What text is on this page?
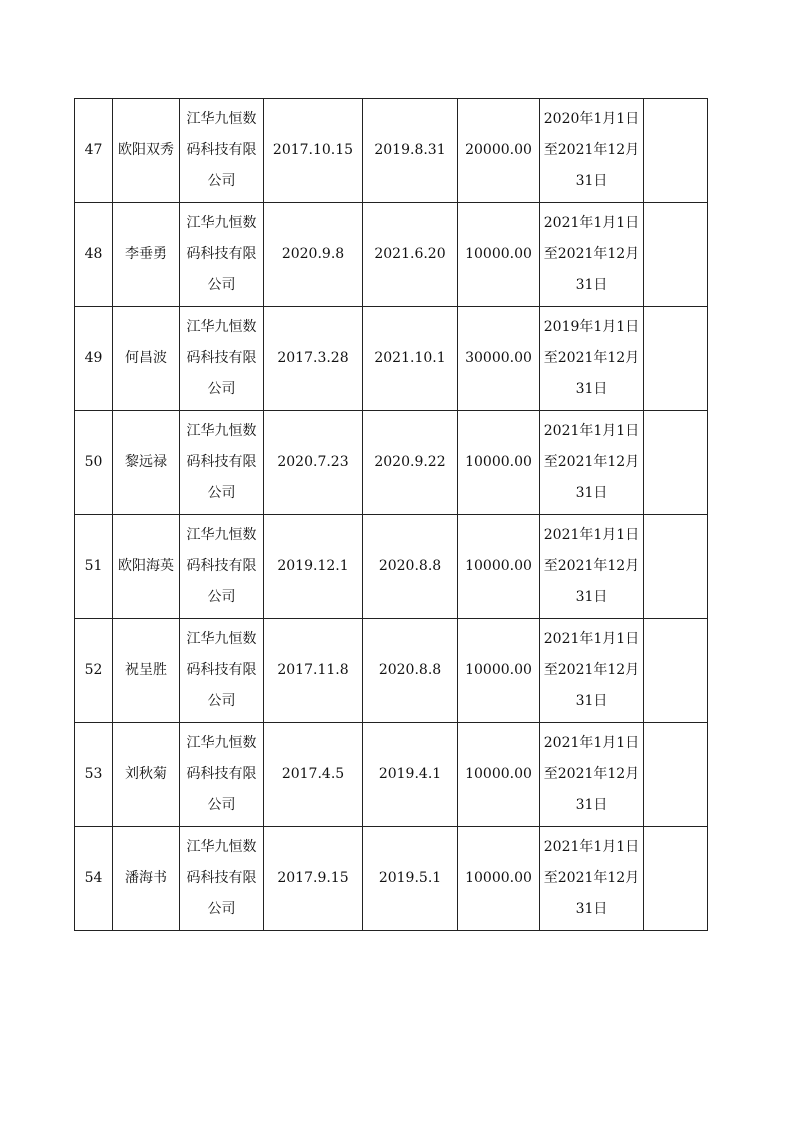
47	欧阳双秀	江华九恒数码科技有限公司	2017.10.15	2019.8.31	20000.00	2020年1月1日至2021年12月31日	
48	李垂勇	江华九恒数码科技有限公司	2020.9.8	2021.6.20	10000.00	2021年1月1日至2021年12月31日	
49	何昌波	江华九恒数码科技有限公司	2017.3.28	2021.10.1	30000.00	2019年1月1日至2021年12月31日	
50	黎远禄	江华九恒数码科技有限公司	2020.7.23	2020.9.22	10000.00	2021年1月1日至2021年12月31日	
51	欧阳海英	江华九恒数码科技有限公司	2019.12.1	2020.8.8	10000.00	2021年1月1日至2021年12月31日	
52	祝呈胜	江华九恒数码科技有限公司	2017.11.8	2020.8.8	10000.00	2021年1月1日至2021年12月31日	
53	刘秋菊	江华九恒数码科技有限公司	2017.4.5	2019.4.1	10000.00	2021年1月1日至2021年12月31日	
54	潘海书	江华九恒数码科技有限公司	2017.9.15	2019.5.1	10000.00	2021年1月1日至2021年12月31日	
